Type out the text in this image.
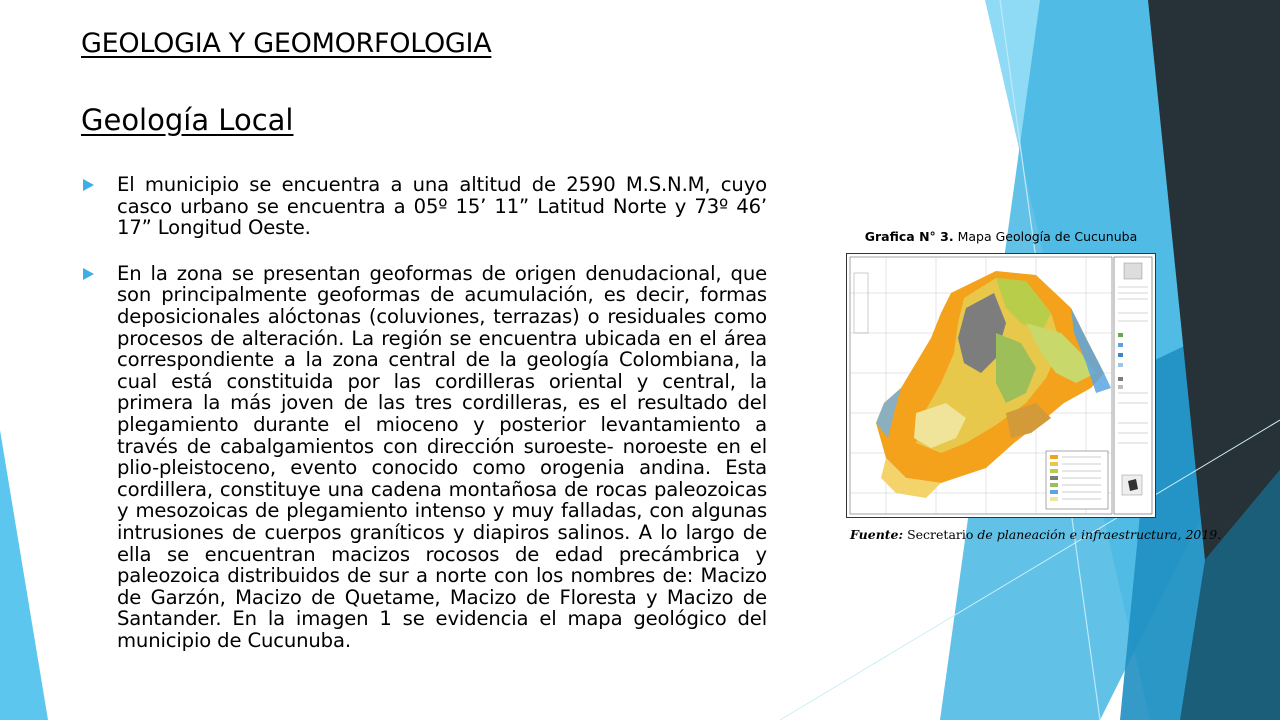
GEOLOGIA Y GEOMORFOLOGIA
Geología Local
El municipio se encuentra a una altitud de 2590 M.S.N.M, cuyo casco urbano se encuentra a 05º 15’ 11” Latitud Norte y 73º 46’ 17” Longitud Oeste.
En la zona se presentan geoformas de origen denudacional, que son principalmente geoformas de acumulación, es decir, formas deposicionales alóctonas (coluviones, terrazas) o residuales como procesos de alteración. La región se encuentra ubicada en el área correspondiente a la zona central de la geología Colombiana, la cual está constituida por las cordilleras oriental y central, la primera la más joven de las tres cordilleras, es el resultado del plegamiento durante el mioceno y posterior levantamiento a través de cabalgamientos con dirección suroeste- noroeste en el plio-pleistoceno, evento conocido como orogenia andina. Esta cordillera, constituye una cadena montañosa de rocas paleozoicas y mesozoicas de plegamiento intenso y muy falladas, con algunas intrusiones de cuerpos graníticos y diapiros salinos. A lo largo de ella se encuentran macizos rocosos de edad precámbrica y paleozoica distribuidos de sur a norte con los nombres de: Macizo de Garzón, Macizo de Quetame, Macizo de Floresta y Macizo de Santander. En la imagen 1 se evidencia el mapa geológico del municipio de Cucunuba.
Grafica N° 3. Mapa Geología de Cucunuba
Fuente: Secretario de planeación e infraestructura, 2019.
